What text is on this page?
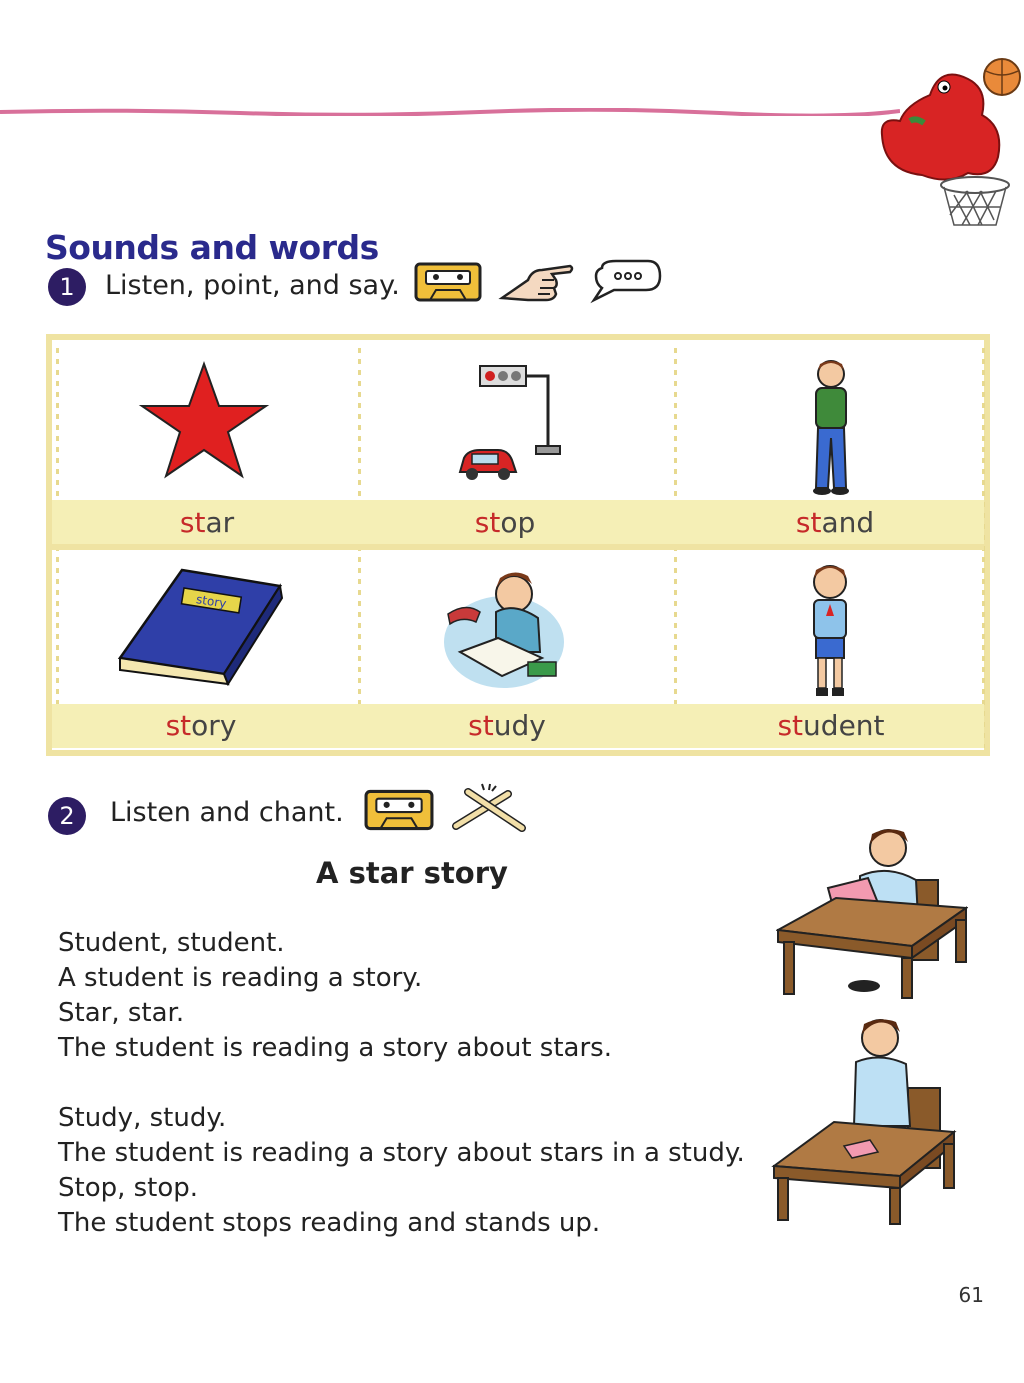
Sounds and words
1	Listen, point, and say.
story
star	stop	stand
story	study	student
2	Listen and chant.
A star story
Student, student.
A student is reading a story.
Star, star.
The student is reading a story about stars.
Study, study.
The student is reading a story about stars in a study.
Stop, stop.
The student stops reading and stands up.
61
